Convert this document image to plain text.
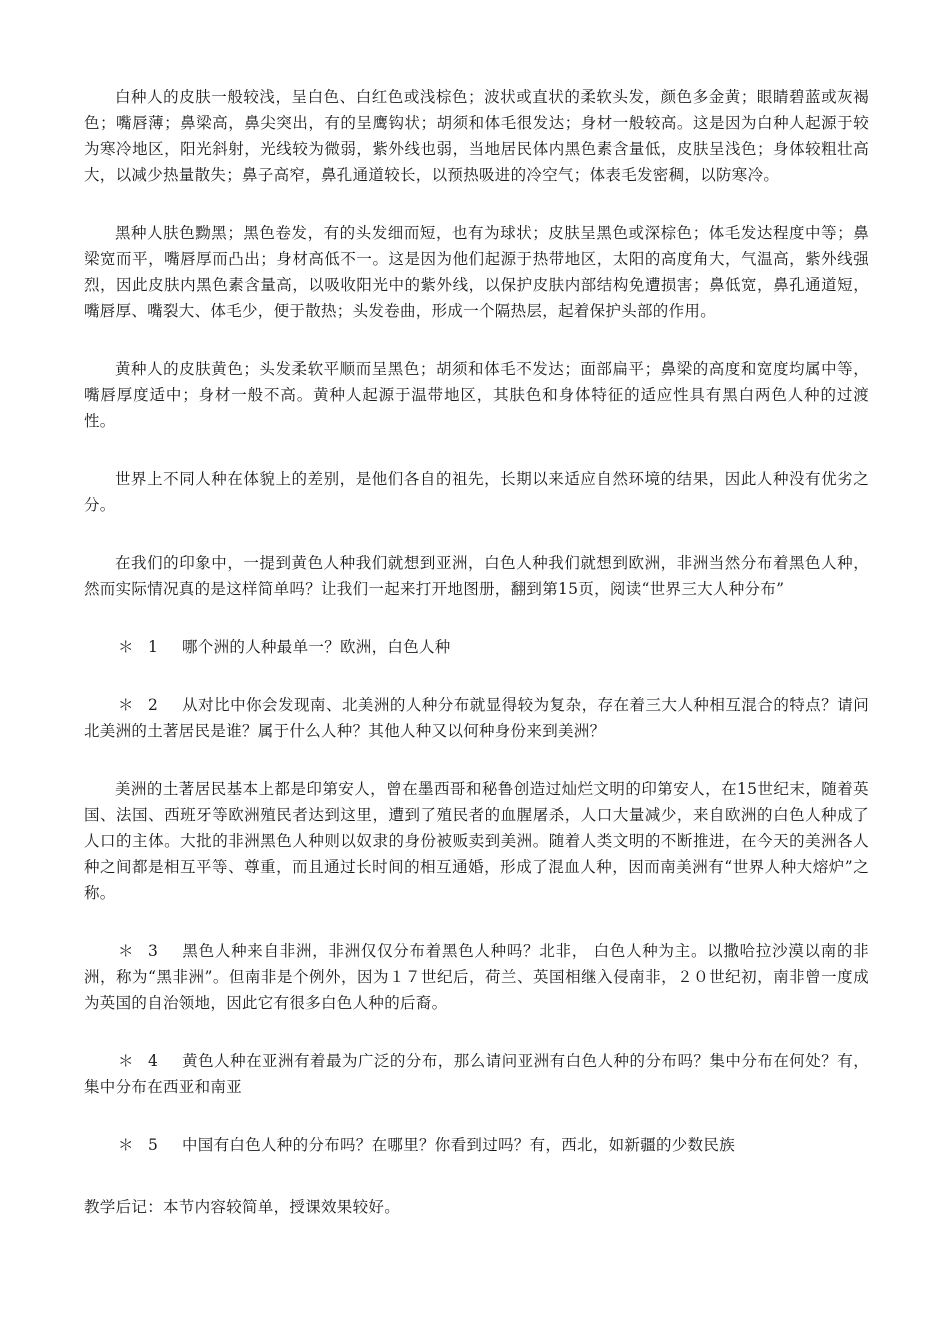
白种人的皮肤一般较浅，呈白色、白红色或浅棕色；波状或直状的柔软头发，颜色多金黄；眼睛碧蓝或灰褐色；嘴唇薄；鼻梁高，鼻尖突出，有的呈鹰钩状；胡须和体毛很发达；身材一般较高。这是因为白种人起源于较为寒冷地区，阳光斜射，光线较为微弱，紫外线也弱，当地居民体内黑色素含量低，皮肤呈浅色；身体较粗壮高大，以减少热量散失；鼻子高窄，鼻孔通道较长，以预热吸进的冷空气；体表毛发密稠，以防寒冷。

黑种人肤色黝黑；黑色卷发，有的头发细而短，也有为球状；皮肤呈黑色或深棕色；体毛发达程度中等；鼻梁宽而平，嘴唇厚而凸出；身材高低不一。这是因为他们起源于热带地区，太阳的高度角大，气温高，紫外线强烈，因此皮肤内黑色素含量高，以吸收阳光中的紫外线，以保护皮肤内部结构免遭损害；鼻低宽，鼻孔通道短，嘴唇厚、嘴裂大、体毛少，便于散热；头发卷曲，形成一个隔热层，起着保护头部的作用。

黄种人的皮肤黄色；头发柔软平顺而呈黑色；胡须和体毛不发达；面部扁平；鼻梁的高度和宽度均属中等，嘴唇厚度适中；身材一般不高。黄种人起源于温带地区，其肤色和身体特征的适应性具有黑白两色人种的过渡性。

世界上不同人种在体貌上的差别，是他们各自的祖先，长期以来适应自然环境的结果，因此人种没有优劣之分。

在我们的印象中，一提到黄色人种我们就想到亚洲，白色人种我们就想到欧洲，非洲当然分布着黑色人种，然而实际情况真的是这样简单吗？让我们一起来打开地图册，翻到第15页，阅读“世界三大人种分布”

＊ 1 哪个洲的人种最单一？欧洲，白色人种

＊ 2 从对比中你会发现南、北美洲的人种分布就显得较为复杂，存在着三大人种相互混合的特点？请问北美洲的土著居民是谁？属于什么人种？其他人种又以何种身份来到美洲？

美洲的土著居民基本上都是印第安人，曾在墨西哥和秘鲁创造过灿烂文明的印第安人，在15世纪末，随着英国、法国、西班牙等欧洲殖民者达到这里，遭到了殖民者的血腥屠杀，人口大量减少，来自欧洲的白色人种成了人口的主体。大批的非洲黑色人种则以奴隶的身份被贩卖到美洲。随着人类文明的不断推进，在今天的美洲各人种之间都是相互平等、尊重，而且通过长时间的相互通婚，形成了混血人种，因而南美洲有“世界人种大熔炉”之称。

＊ 3 黑色人种来自非洲，非洲仅仅分布着黑色人种吗？北非， 白色人种为主。以撒哈拉沙漠以南的非洲，称为“黑非洲”。但南非是个例外，因为１７世纪后，荷兰、英国相继入侵南非，２０世纪初，南非曾一度成为英国的自治领地，因此它有很多白色人种的后裔。

＊ 4 黄色人种在亚洲有着最为广泛的分布，那么请问亚洲有白色人种的分布吗？集中分布在何处？有，集中分布在西亚和南亚

＊ 5 中国有白色人种的分布吗？在哪里？你看到过吗？有，西北，如新疆的少数民族

教学后记：本节内容较简单，授课效果较好。
